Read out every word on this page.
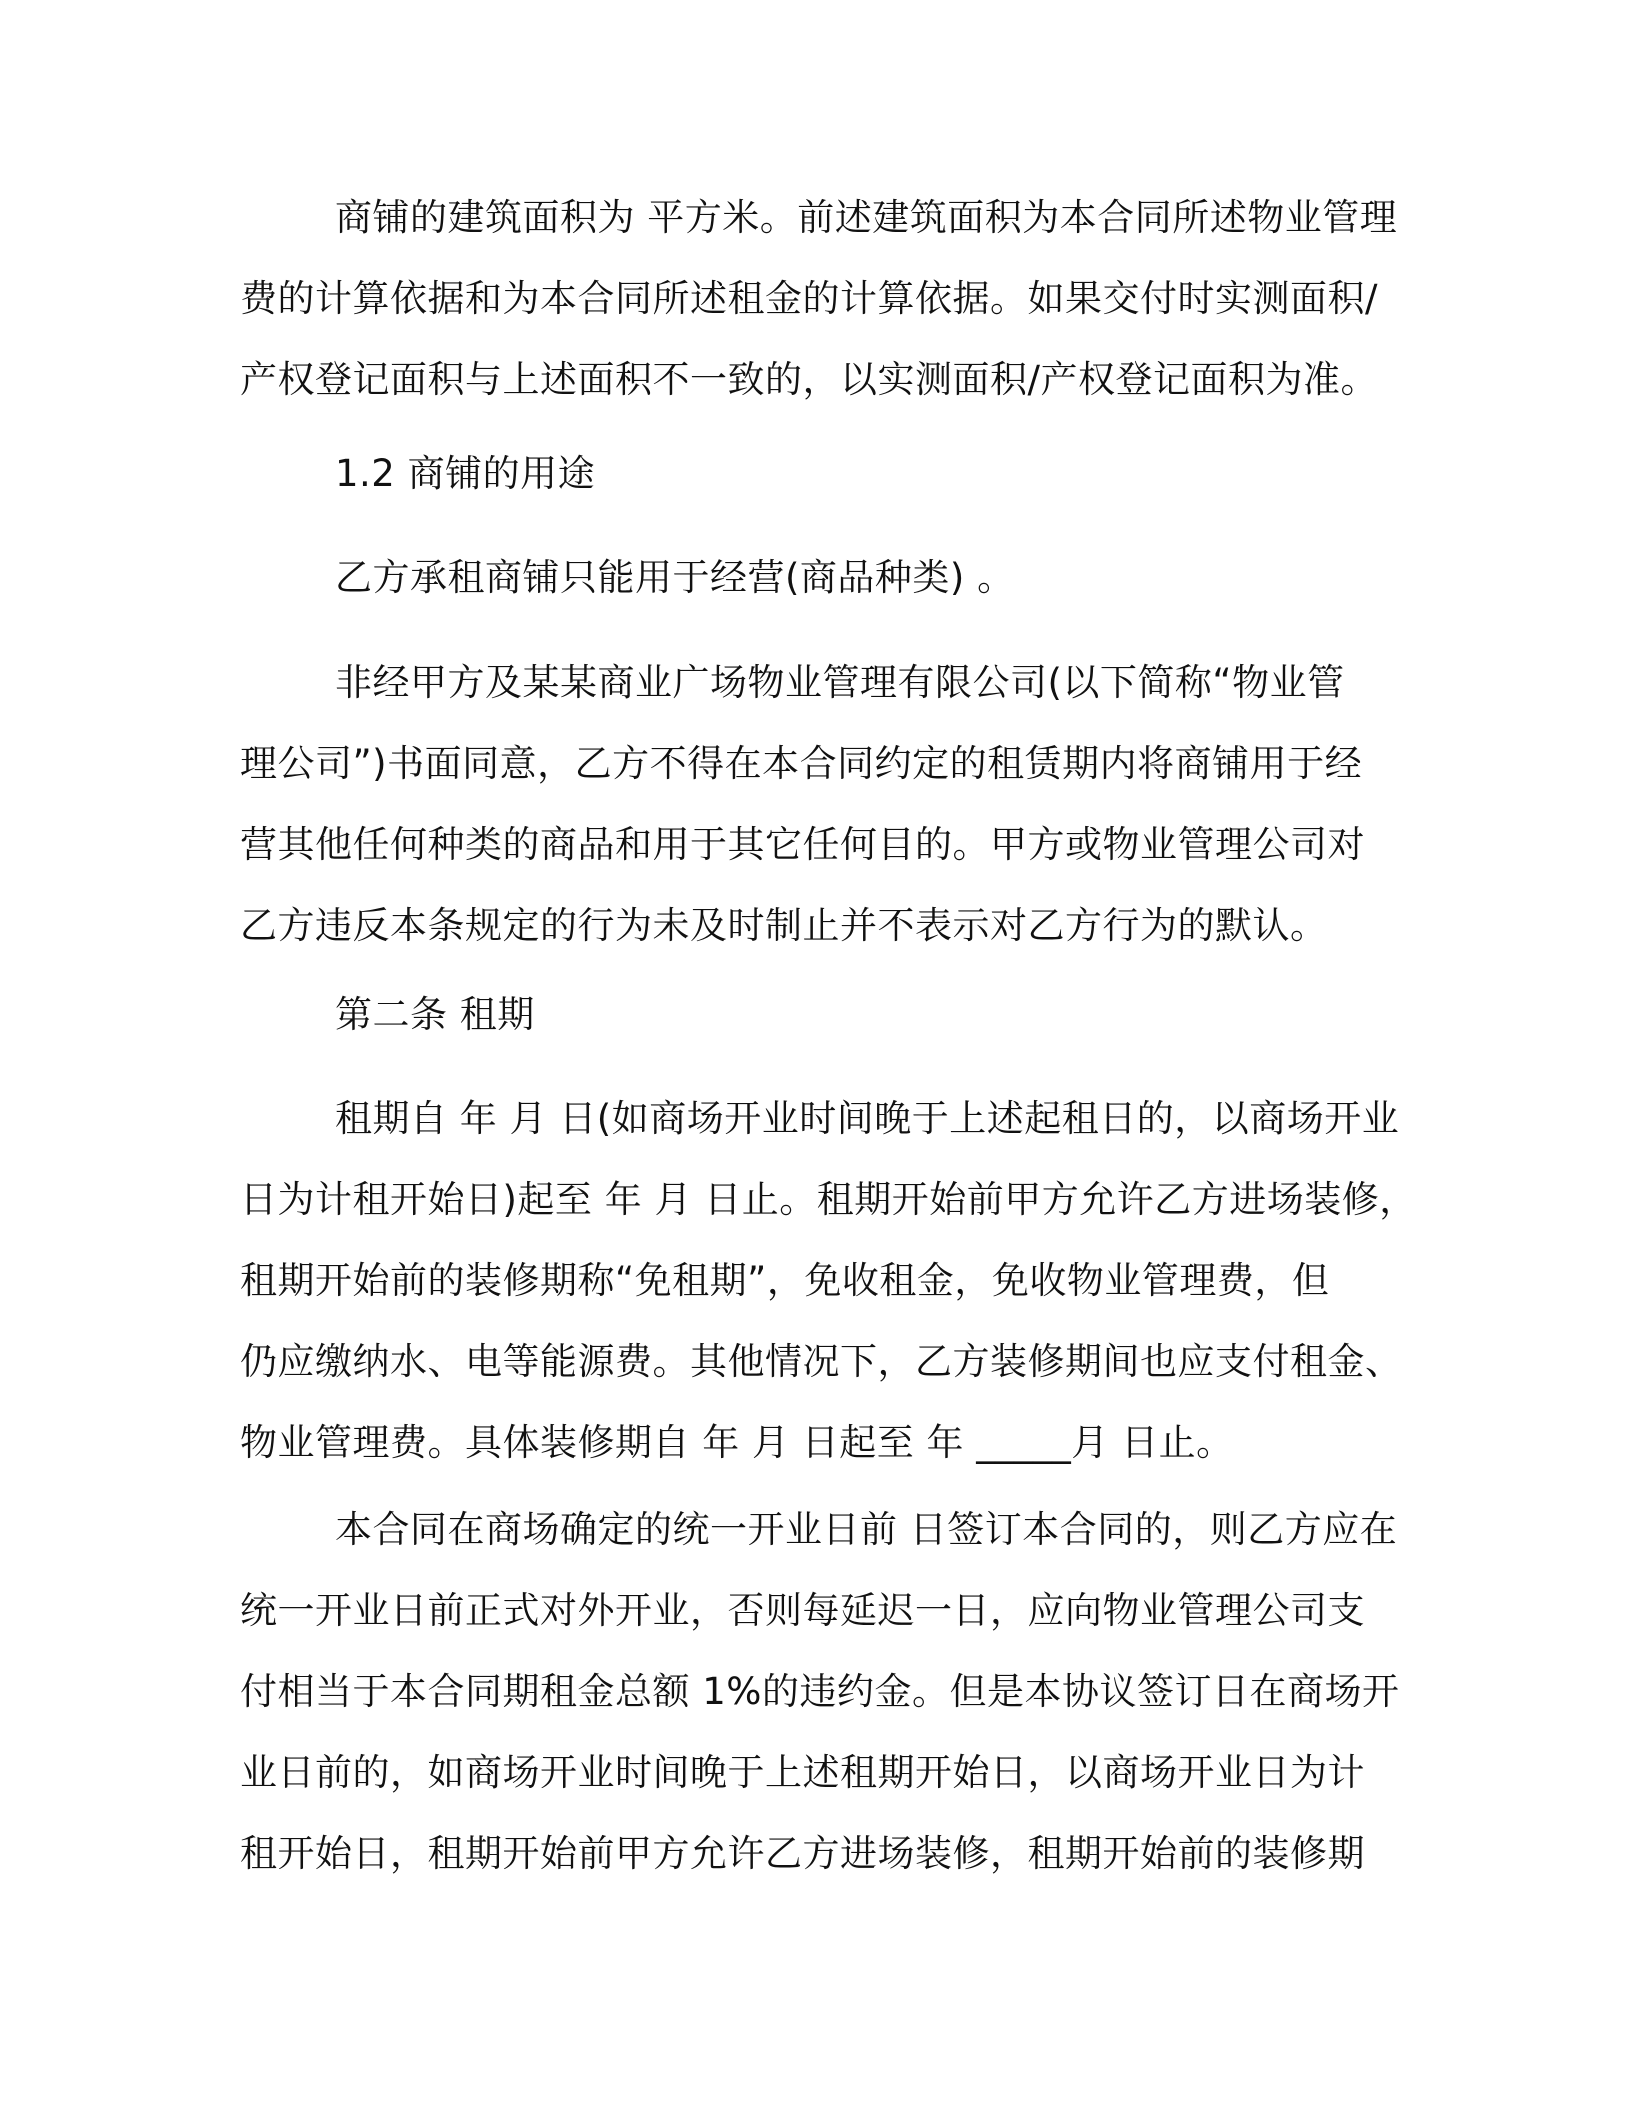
商铺的建筑面积为 平方米。前述建筑面积为本合同所述物业管理
费的计算依据和为本合同所述租金的计算依据。如果交付时实测面积/
产权登记面积与上述面积不一致的，以实测面积/产权登记面积为准。
1.2 商铺的用途
乙方承租商铺只能用于经营(商品种类) 。
非经甲方及某某商业广场物业管理有限公司(以下简称“物业管
理公司”)书面同意，乙方不得在本合同约定的租赁期内将商铺用于经
营其他任何种类的商品和用于其它任何目的。甲方或物业管理公司对
乙方违反本条规定的行为未及时制止并不表示对乙方行为的默认。
第二条 租期
租期自 年 月 日(如商场开业时间晚于上述起租日的，以商场开业
日为计租开始日)起至 年 月 日止。租期开始前甲方允许乙方进场装修，
租期开始前的装修期称“免租期”，免收租金，免收物业管理费，但
仍应缴纳水、电等能源费。其他情况下，乙方装修期间也应支付租金、
物业管理费。具体装修期自 年 月 日起至 年 _____月 日止。
本合同在商场确定的统一开业日前 日签订本合同的，则乙方应在
统一开业日前正式对外开业，否则每延迟一日，应向物业管理公司支
付相当于本合同期租金总额 1%的违约金。但是本协议签订日在商场开
业日前的，如商场开业时间晚于上述租期开始日，以商场开业日为计
租开始日，租期开始前甲方允许乙方进场装修，租期开始前的装修期
